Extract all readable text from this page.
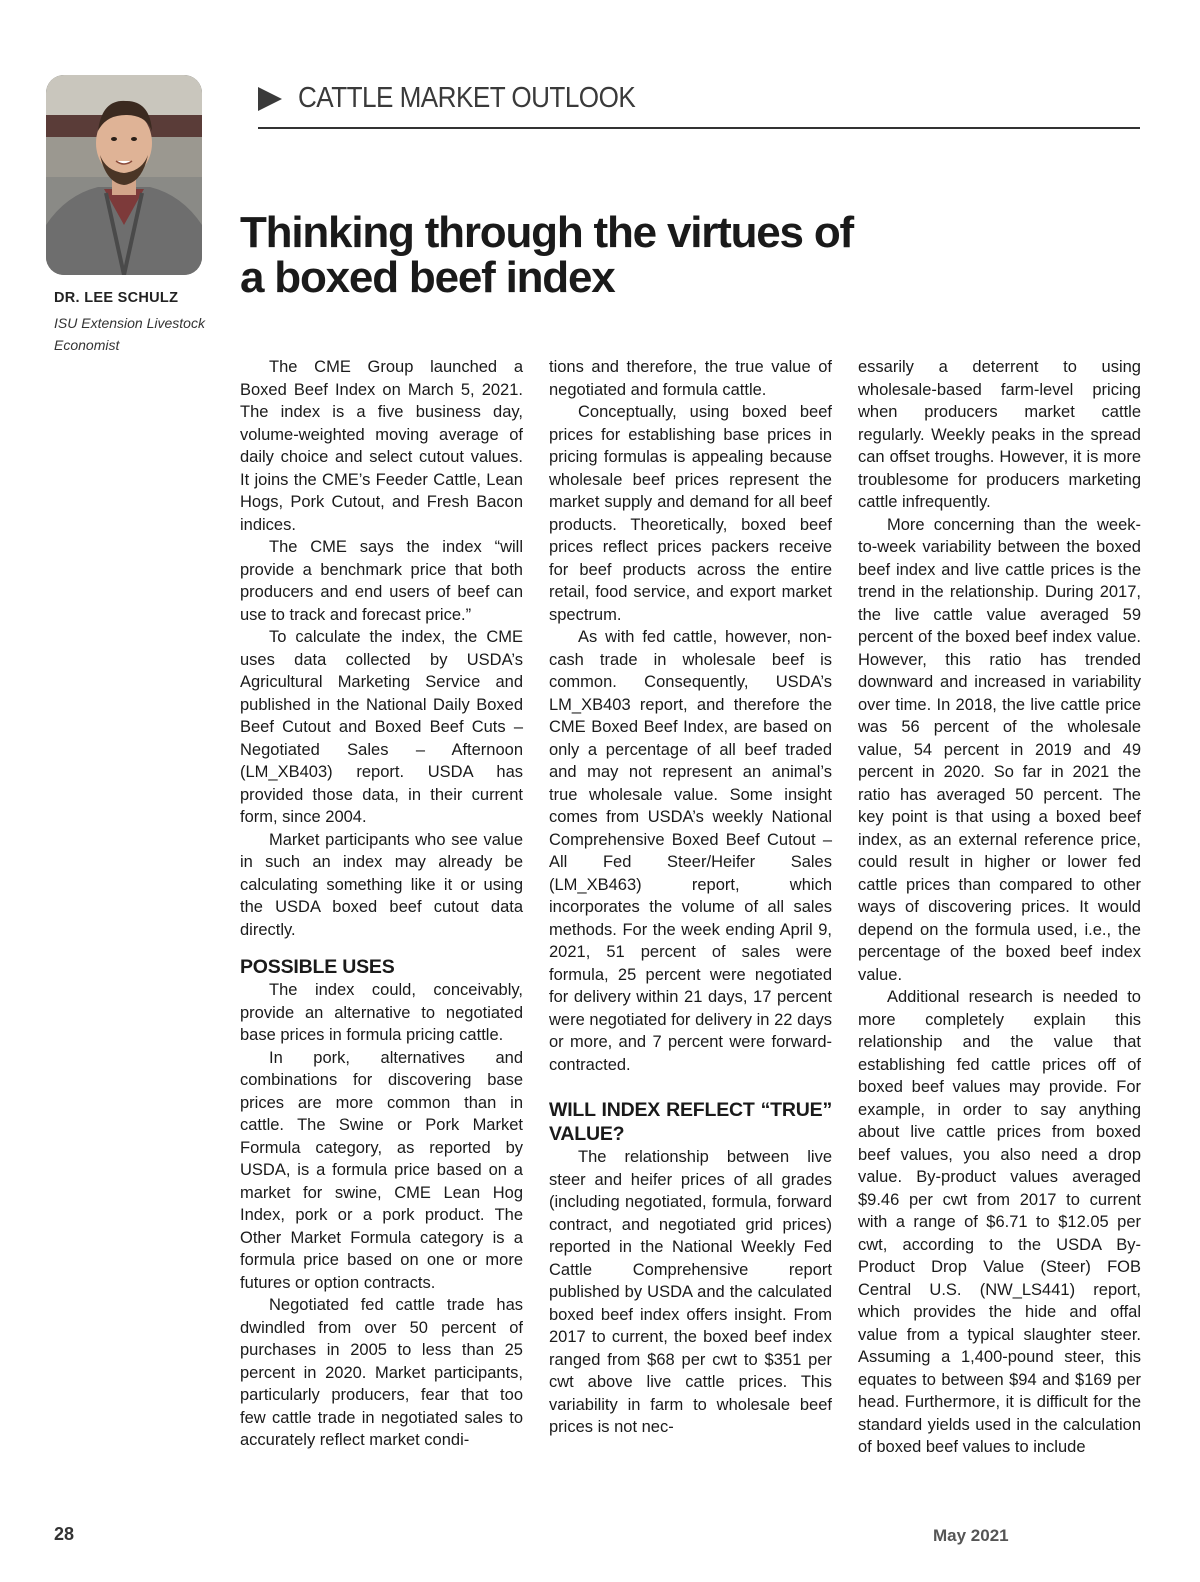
DR. LEE SCHULZ
ISU Extension Livestock Economist
CATTLE MARKET OUTLOOK
Thinking through the virtues of a boxed beef index

The CME Group launched a Boxed Beef Index on March 5, 2021. The index is a five business day, volume-weighted moving average of daily choice and select cutout values. It joins the CME’s Feeder Cattle, Lean Hogs, Pork Cutout, and Fresh Bacon indices.

The CME says the index “will provide a benchmark price that both producers and end users of beef can use to track and forecast price.”

To calculate the index, the CME uses data collected by USDA’s Agricultural Marketing Service and published in the National Daily Boxed Beef Cutout and Boxed Beef Cuts – Negotiated Sales – Afternoon (LM_XB403) report. USDA has provided those data, in their current form, since 2004.

Market participants who see value in such an index may already be calculating something like it or using the USDA boxed beef cutout data directly.

POSSIBLE USES

The index could, conceivably, provide an alternative to negotiated base prices in formula pricing cattle.

In pork, alternatives and combinations for discovering base prices are more common than in cattle. The Swine or Pork Market Formula category, as reported by USDA, is a formula price based on a market for swine, CME Lean Hog Index, pork or a pork product. The Other Market Formula category is a formula price based on one or more futures or option contracts.

Negotiated fed cattle trade has dwindled from over 50 percent of purchases in 2005 to less than 25 percent in 2020. Market participants, particularly producers, fear that too few cattle trade in negotiated sales to accurately reflect market condi-

tions and therefore, the true value of negotiated and formula cattle.

Conceptually, using boxed beef prices for establishing base prices in pricing formulas is appealing because wholesale beef prices represent the market supply and demand for all beef products. Theoretically, boxed beef prices reflect prices packers receive for beef products across the entire retail, food service, and export market spectrum.

As with fed cattle, however, non-cash trade in wholesale beef is common. Consequently, USDA’s LM_XB403 report, and therefore the CME Boxed Beef Index, are based on only a percentage of all beef traded and may not represent an animal’s true wholesale value. Some insight comes from USDA’s weekly National Comprehensive Boxed Beef Cutout – All Fed Steer/Heifer Sales (LM_XB463) report, which incorporates the volume of all sales methods. For the week ending April 9, 2021, 51 percent of sales were formula, 25 percent were negotiated for delivery within 21 days, 17 percent were negotiated for delivery in 22 days or more, and 7 percent were forward-contracted.

WILL INDEX REFLECT “TRUE” VALUE?

The relationship between live steer and heifer prices of all grades (including negotiated, formula, forward contract, and negotiated grid prices) reported in the National Weekly Fed Cattle Comprehensive report published by USDA and the calculated boxed beef index offers insight. From 2017 to current, the boxed beef index ranged from $68 per cwt to $351 per cwt above live cattle prices. This variability in farm to wholesale beef prices is not nec-

essarily a deterrent to using wholesale-based farm-level pricing when producers market cattle regularly. Weekly peaks in the spread can offset troughs. However, it is more troublesome for producers marketing cattle infrequently.

More concerning than the week-to-week variability between the boxed beef index and live cattle prices is the trend in the relationship. During 2017, the live cattle value averaged 59 percent of the boxed beef index value. However, this ratio has trended downward and increased in variability over time. In 2018, the live cattle price was 56 percent of the wholesale value, 54 percent in 2019 and 49 percent in 2020. So far in 2021 the ratio has averaged 50 percent. The key point is that using a boxed beef index, as an external reference price, could result in higher or lower fed cattle prices than compared to other ways of discovering prices. It would depend on the formula used, i.e., the percentage of the boxed beef index value.

Additional research is needed to more completely explain this relationship and the value that establishing fed cattle prices off of boxed beef values may provide. For example, in order to say anything about live cattle prices from boxed beef values, you also need a drop value. By-product values averaged $9.46 per cwt from 2017 to current with a range of $6.71 to $12.05 per cwt, according to the USDA By-Product Drop Value (Steer) FOB Central U.S. (NW_LS441) report, which provides the hide and offal value from a typical slaughter steer. Assuming a 1,400-pound steer, this equates to between $94 and $169 per head. Furthermore, it is difficult for the standard yields used in the calculation of boxed beef values to include

28	May 2021
